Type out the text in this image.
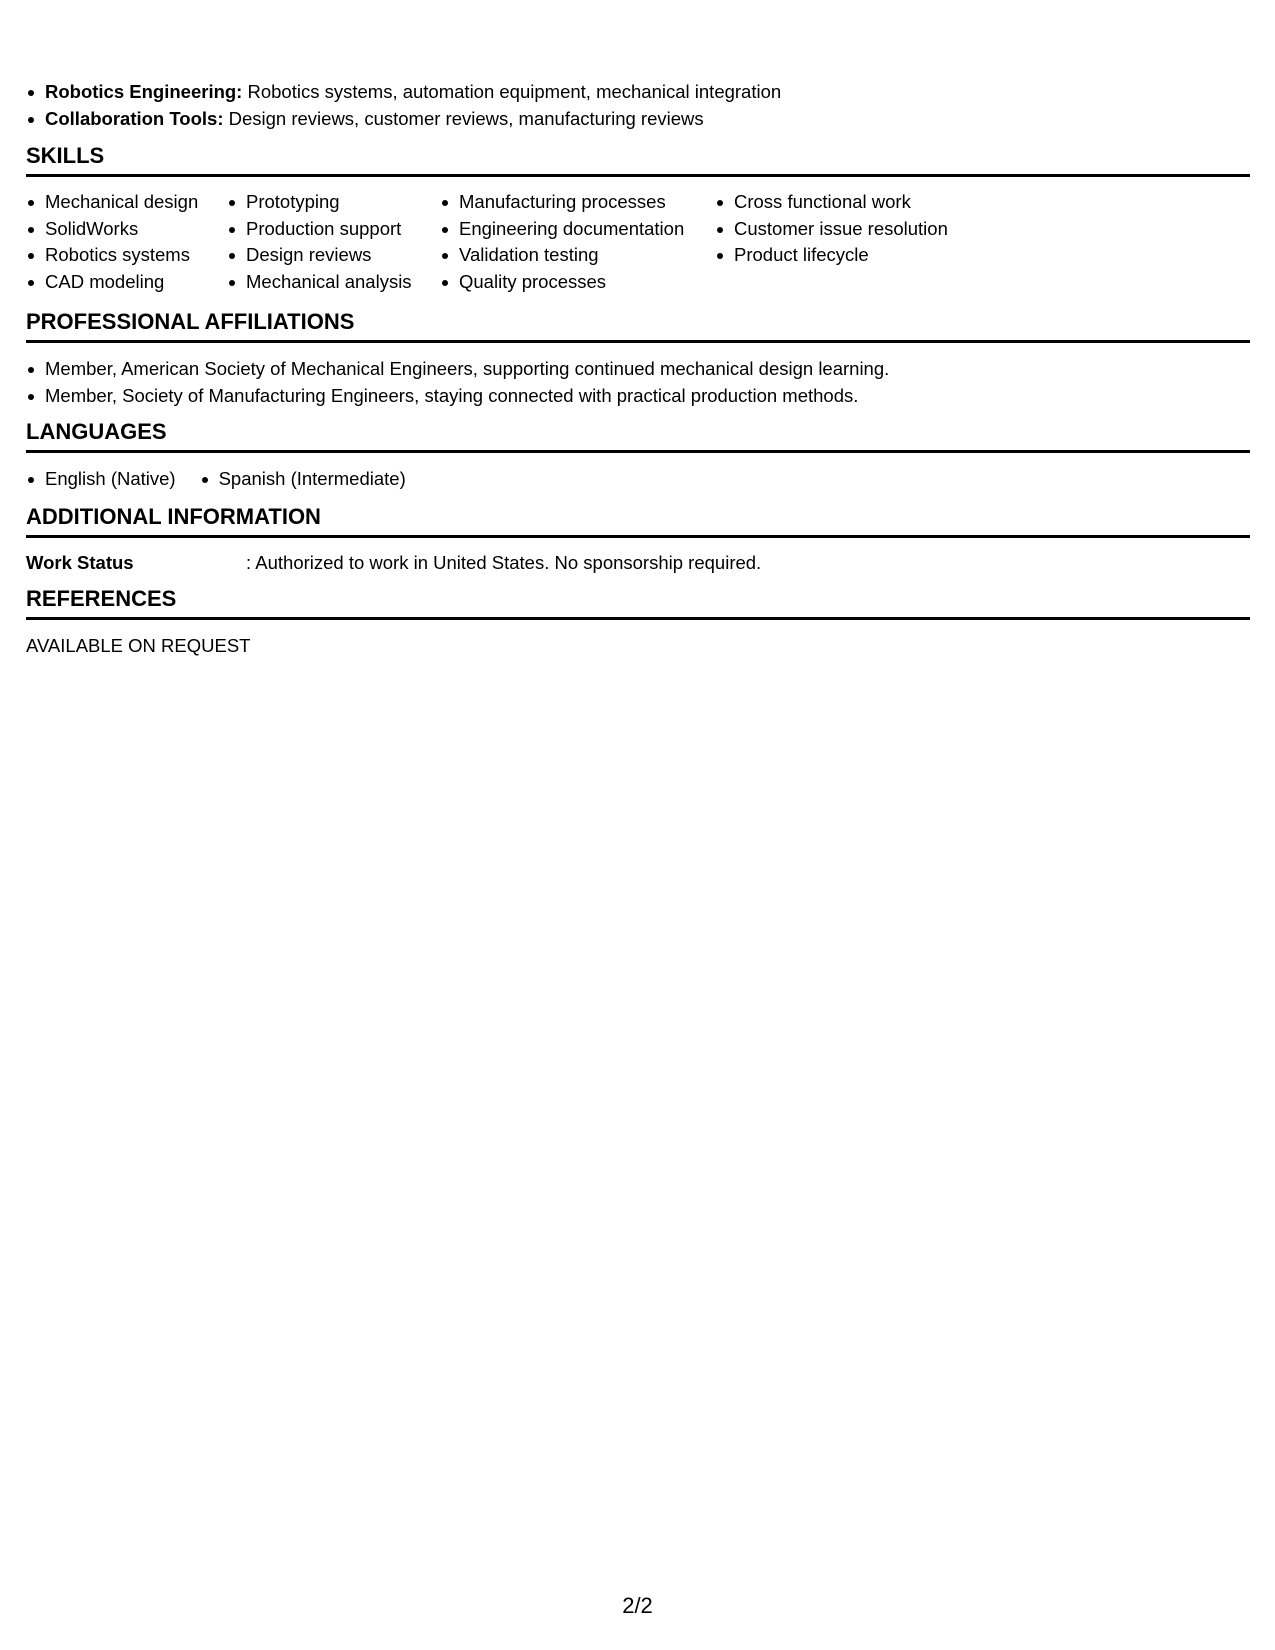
Robotics Engineering: Robotics systems, automation equipment, mechanical integration
Collaboration Tools: Design reviews, customer reviews, manufacturing reviews
SKILLS
Mechanical design
SolidWorks
Robotics systems
CAD modeling
Prototyping
Production support
Design reviews
Mechanical analysis
Manufacturing processes
Engineering documentation
Validation testing
Quality processes
Cross functional work
Customer issue resolution
Product lifecycle
PROFESSIONAL AFFILIATIONS
Member, American Society of Mechanical Engineers, supporting continued mechanical design learning.
Member, Society of Manufacturing Engineers, staying connected with practical production methods.
LANGUAGES
English (Native)	Spanish (Intermediate)
ADDITIONAL INFORMATION
Work Status	: Authorized to work in United States. No sponsorship required.
REFERENCES
AVAILABLE ON REQUEST
2/2
